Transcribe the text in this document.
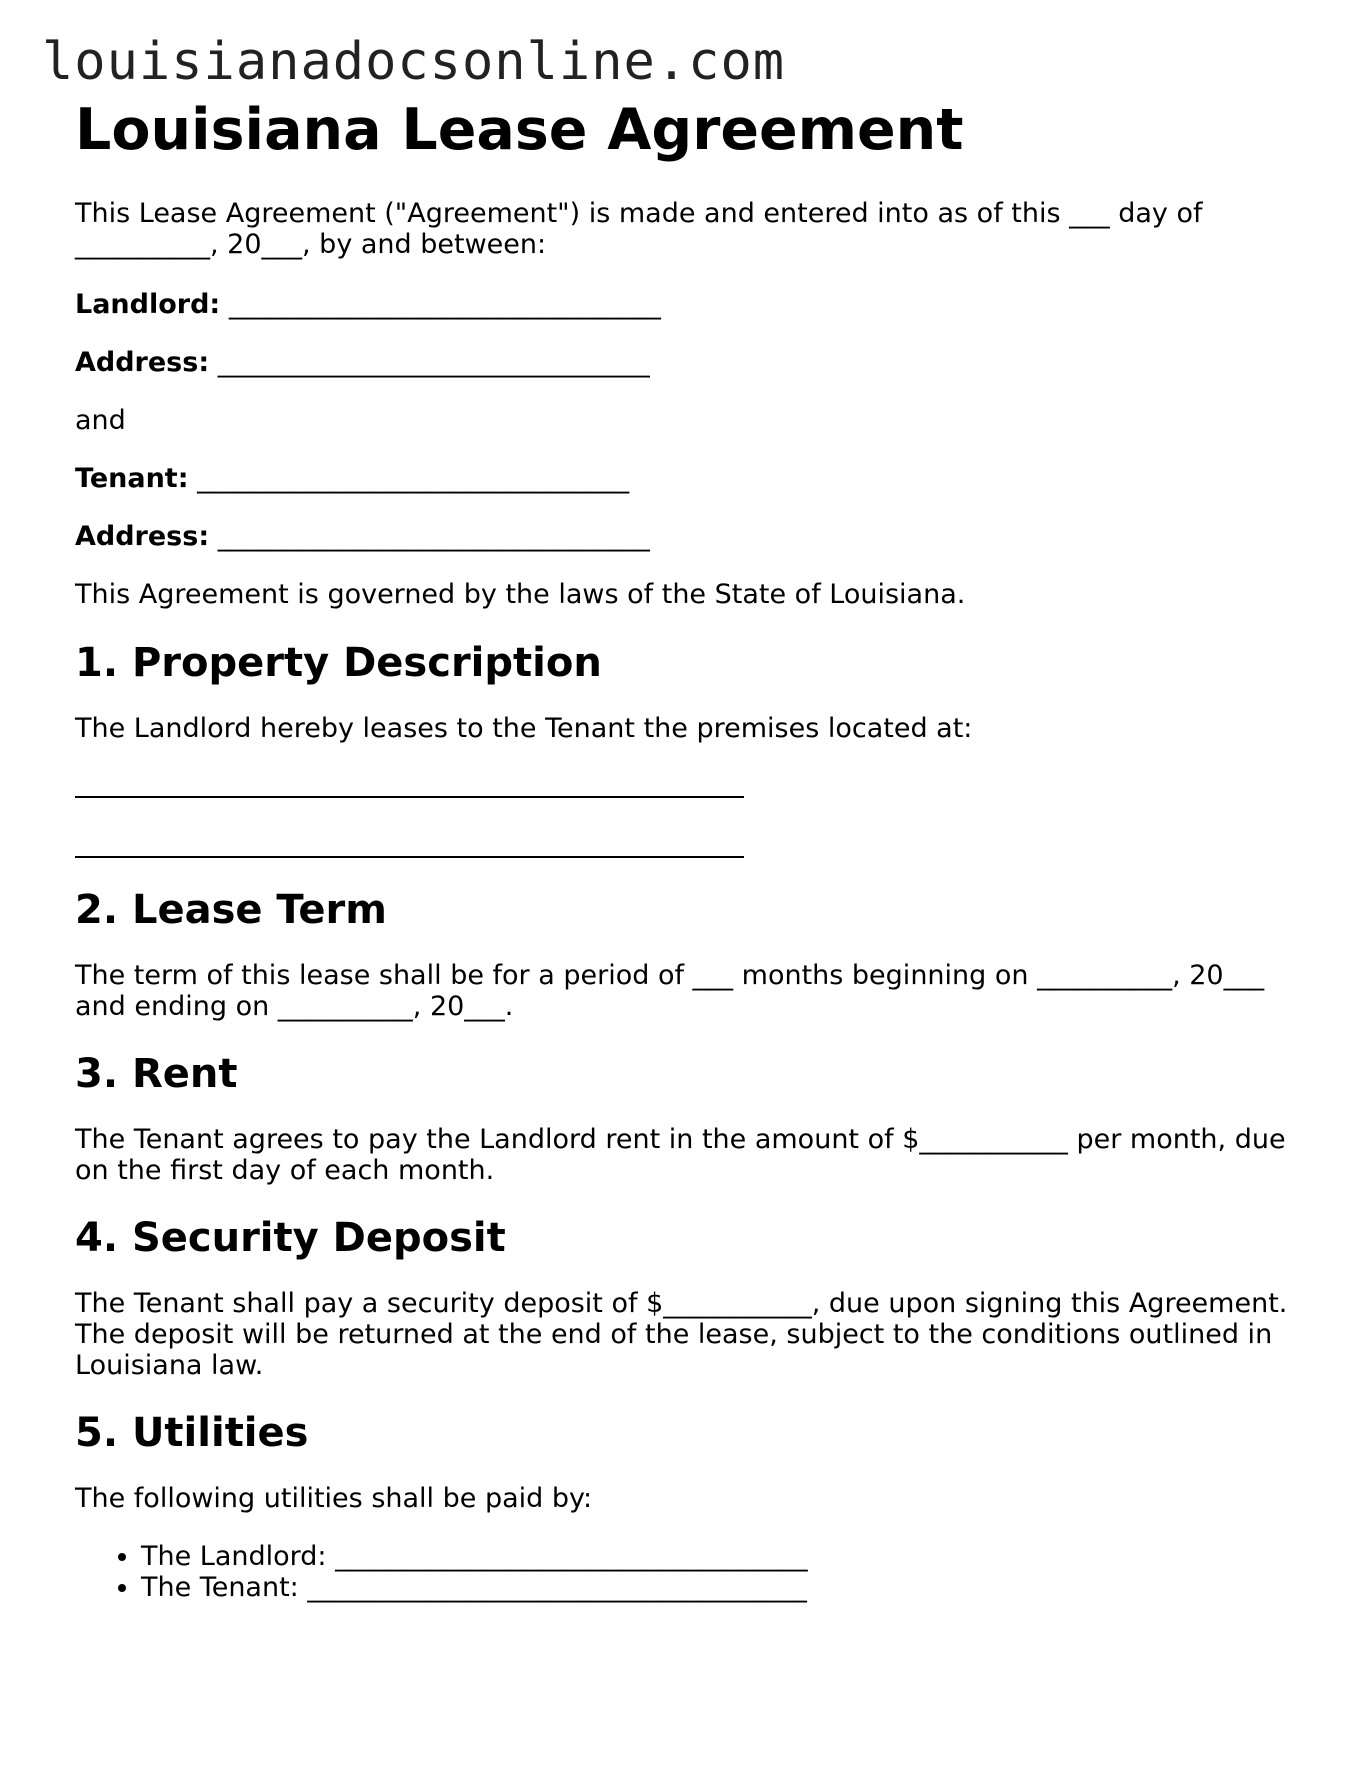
louisianadocsonline.com
Louisiana Lease Agreement

This Lease Agreement ("Agreement") is made and entered into as of this ___ day of __________, 20___, by and between:

Landlord: ________________________________

Address: ________________________________

and

Tenant: ________________________________

Address: ________________________________

This Agreement is governed by the laws of the State of Louisiana.

1. Property Description

The Landlord hereby leases to the Tenant the premises located at:

2. Lease Term

The term of this lease shall be for a period of ___ months beginning on __________, 20___ and ending on __________, 20___.

3. Rent

The Tenant agrees to pay the Landlord rent in the amount of $___________ per month, due on the first day of each month.

4. Security Deposit

The Tenant shall pay a security deposit of $___________, due upon signing this Agreement. The deposit will be returned at the end of the lease, subject to the conditions outlined in Louisiana law.

5. Utilities

The following utilities shall be paid by:

• The Landlord: ___________________________________
• The Tenant: _____________________________________
